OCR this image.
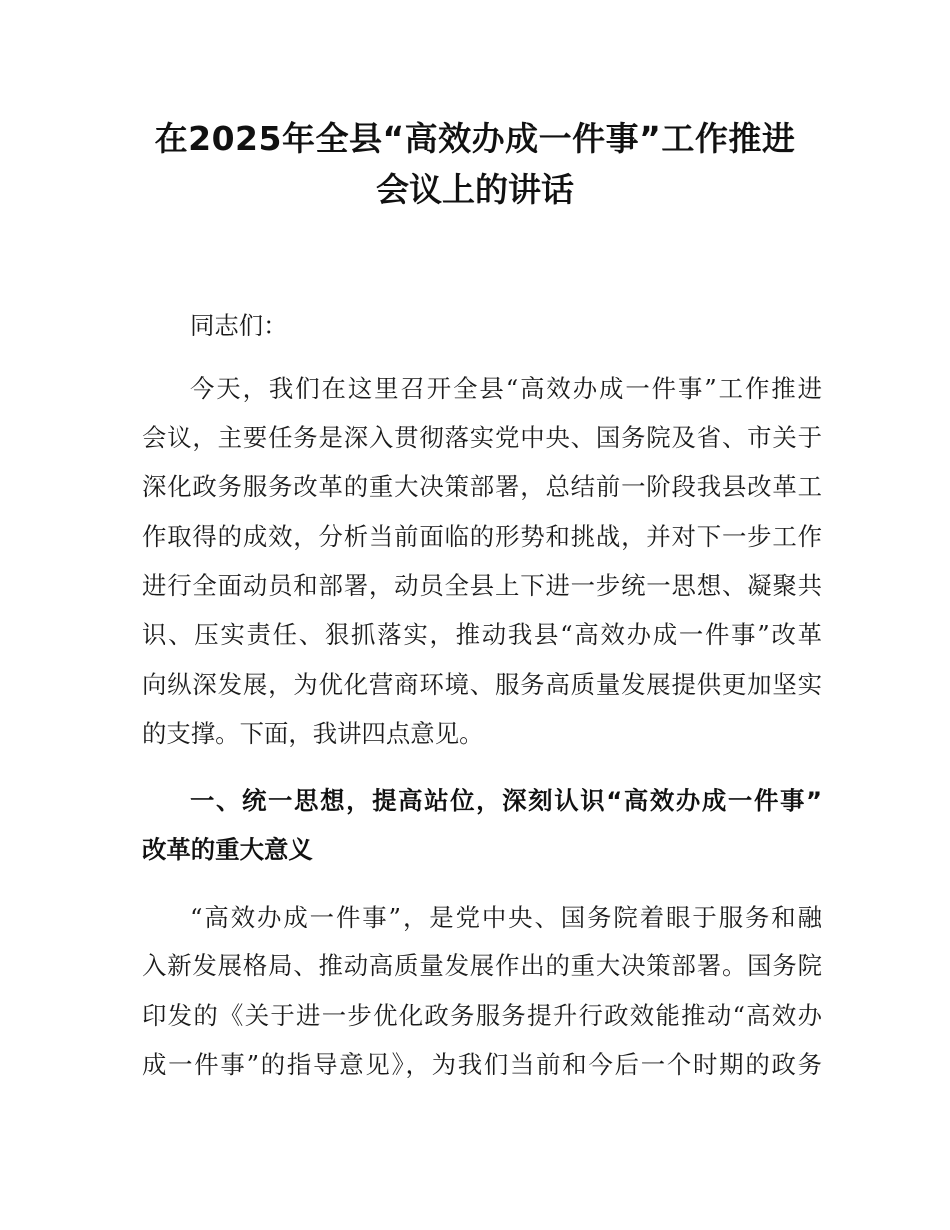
在2025年全县“高效办成一件事”工作推进
会议上的讲话
同志们：
今天，我们在这里召开全县“高效办成一件事”工作推进
会议，主要任务是深入贯彻落实党中央、国务院及省、市关于
深化政务服务改革的重大决策部署，总结前一阶段我县改革工
作取得的成效，分析当前面临的形势和挑战，并对下一步工作
进行全面动员和部署，动员全县上下进一步统一思想、凝聚共
识、压实责任、狠抓落实，推动我县“高效办成一件事”改革
向纵深发展，为优化营商环境、服务高质量发展提供更加坚实
的支撑。下面，我讲四点意见。
一、统一思想，提高站位，深刻认识“高效办成一件事”
改革的重大意义
“高效办成一件事”，是党中央、国务院着眼于服务和融
入新发展格局、推动高质量发展作出的重大决策部署。国务院
印发的《关于进一步优化政务服务提升行政效能推动“高效办
成一件事”的指导意见》，为我们当前和今后一个时期的政务
